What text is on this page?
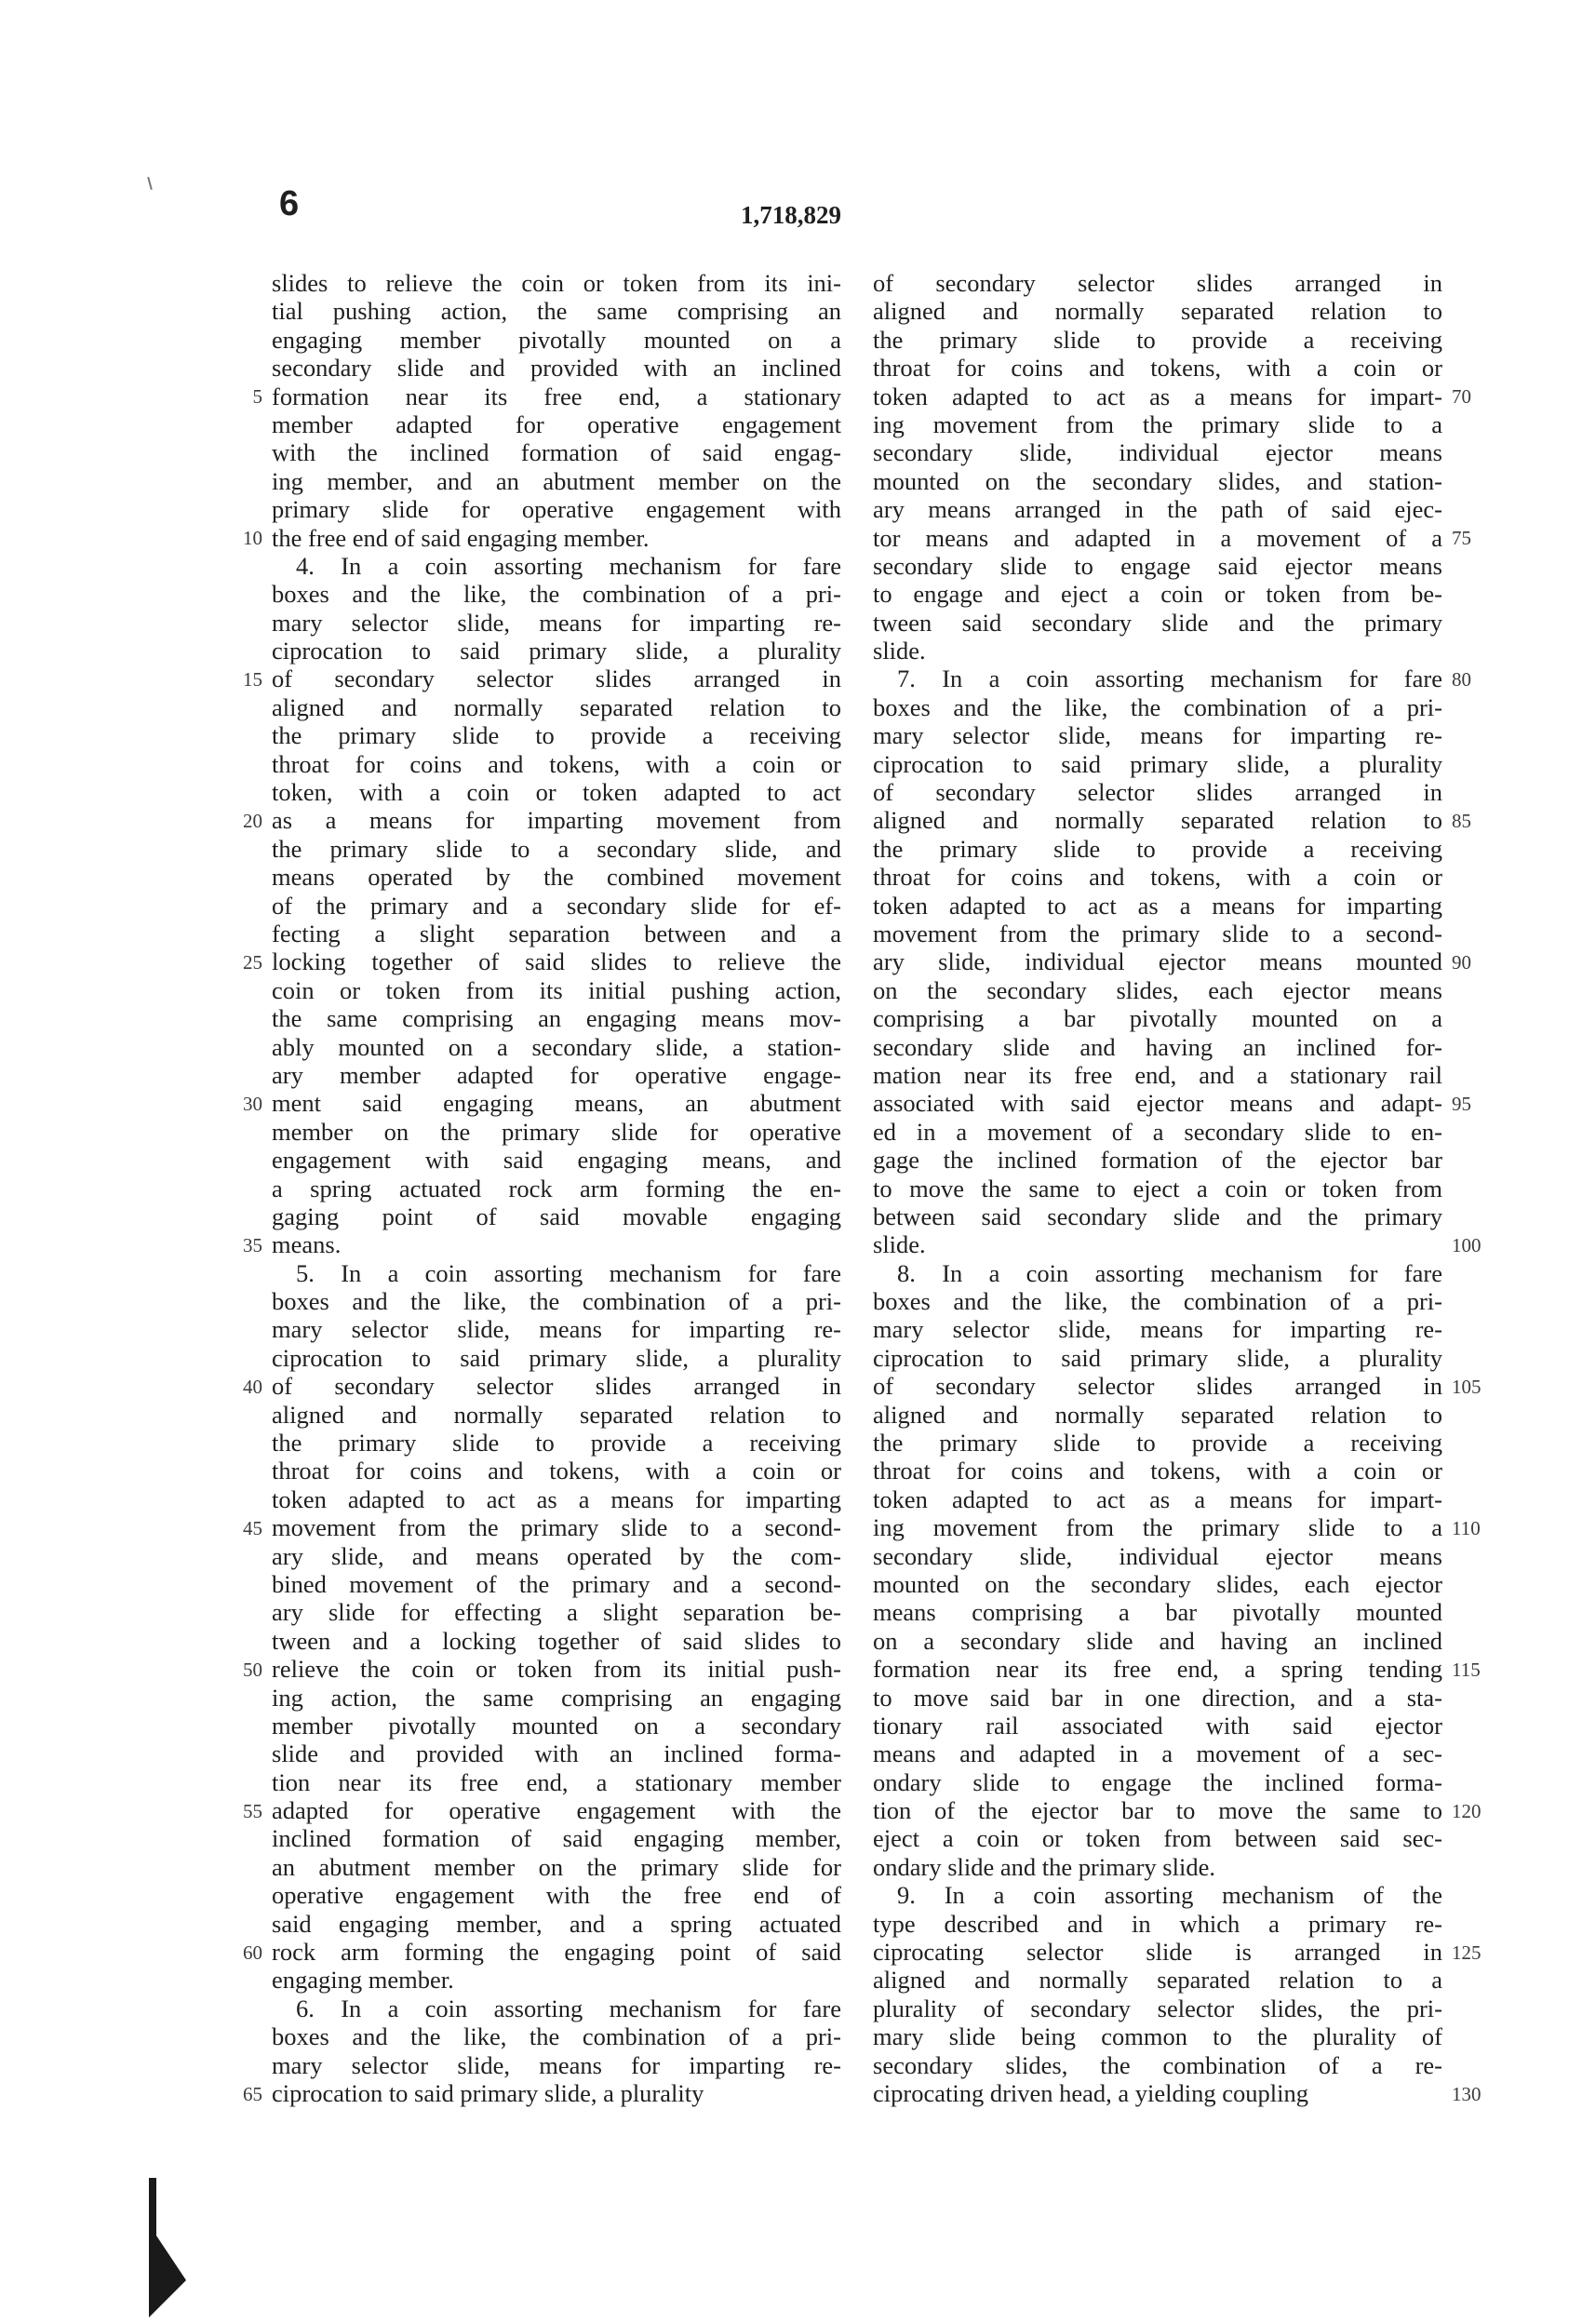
6	1,718,829
slides to relieve the coin or token from its ini-
tial pushing action, the same comprising an
engaging member pivotally mounted on a
secondary slide and provided with an inclined
formation near its free end, a stationary
member adapted for operative engagement
with the inclined formation of said engag-
ing member, and an abutment member on the
primary slide for operative engagement with
the free end of said engaging member.
4. In a coin assorting mechanism for fare
boxes and the like, the combination of a pri-
mary selector slide, means for imparting re-
ciprocation to said primary slide, a plurality
of secondary selector slides arranged in
aligned and normally separated relation to
the primary slide to provide a receiving
throat for coins and tokens, with a coin or
token, with a coin or token adapted to act
as a means for imparting movement from
the primary slide to a secondary slide, and
means operated by the combined movement
of the primary and a secondary slide for ef-
fecting a slight separation between and a
locking together of said slides to relieve the
coin or token from its initial pushing action,
the same comprising an engaging means mov-
ably mounted on a secondary slide, a station-
ary member adapted for operative engage-
ment said engaging means, an abutment
member on the primary slide for operative
engagement with said engaging means, and
a spring actuated rock arm forming the en-
gaging point of said movable engaging
means.
5. In a coin assorting mechanism for fare
boxes and the like, the combination of a pri-
mary selector slide, means for imparting re-
ciprocation to said primary slide, a plurality
of secondary selector slides arranged in
aligned and normally separated relation to
the primary slide to provide a receiving
throat for coins and tokens, with a coin or
token adapted to act as a means for imparting
movement from the primary slide to a second-
ary slide, and means operated by the com-
bined movement of the primary and a second-
ary slide for effecting a slight separation be-
tween and a locking together of said slides to
relieve the coin or token from its initial push-
ing action, the same comprising an engaging
member pivotally mounted on a secondary
slide and provided with an inclined forma-
tion near its free end, a stationary member
adapted for operative engagement with the
inclined formation of said engaging member,
an abutment member on the primary slide for
operative engagement with the free end of
said engaging member, and a spring actuated
rock arm forming the engaging point of said
engaging member.
6. In a coin assorting mechanism for fare
boxes and the like, the combination of a pri-
mary selector slide, means for imparting re-
ciprocation to said primary slide, a plurality
of secondary selector slides arranged in
aligned and normally separated relation to
the primary slide to provide a receiving
throat for coins and tokens, with a coin or
token adapted to act as a means for impart-
ing movement from the primary slide to a
secondary slide, individual ejector means
mounted on the secondary slides, and station-
ary means arranged in the path of said ejec-
tor means and adapted in a movement of a
secondary slide to engage said ejector means
to engage and eject a coin or token from be-
tween said secondary slide and the primary
slide.
7. In a coin assorting mechanism for fare
boxes and the like, the combination of a pri-
mary selector slide, means for imparting re-
ciprocation to said primary slide, a plurality
of secondary selector slides arranged in
aligned and normally separated relation to
the primary slide to provide a receiving
throat for coins and tokens, with a coin or
token adapted to act as a means for imparting
movement from the primary slide to a second-
ary slide, individual ejector means mounted
on the secondary slides, each ejector means
comprising a bar pivotally mounted on a
secondary slide and having an inclined for-
mation near its free end, and a stationary rail
associated with said ejector means and adapt-
ed in a movement of a secondary slide to en-
gage the inclined formation of the ejector bar
to move the same to eject a coin or token from
between said secondary slide and the primary
slide.
8. In a coin assorting mechanism for fare
boxes and the like, the combination of a pri-
mary selector slide, means for imparting re-
ciprocation to said primary slide, a plurality
of secondary selector slides arranged in
aligned and normally separated relation to
the primary slide to provide a receiving
throat for coins and tokens, with a coin or
token adapted to act as a means for impart-
ing movement from the primary slide to a
secondary slide, individual ejector means
mounted on the secondary slides, each ejector
means comprising a bar pivotally mounted
on a secondary slide and having an inclined
formation near its free end, a spring tending
to move said bar in one direction, and a sta-
tionary rail associated with said ejector
means and adapted in a movement of a sec-
ondary slide to engage the inclined forma-
tion of the ejector bar to move the same to
eject a coin or token from between said sec-
ondary slide and the primary slide.
9. In a coin assorting mechanism of the
type described and in which a primary re-
ciprocating selector slide is arranged in
aligned and normally separated relation to a
plurality of secondary selector slides, the pri-
mary slide being common to the plurality of
secondary slides, the combination of a re-
ciprocating driven head, a yielding coupling
5
10
15
20
25
30
35
40
45
50
55
60
65
70
75
80
85
90
95
100
105
110
115
120
125
130
